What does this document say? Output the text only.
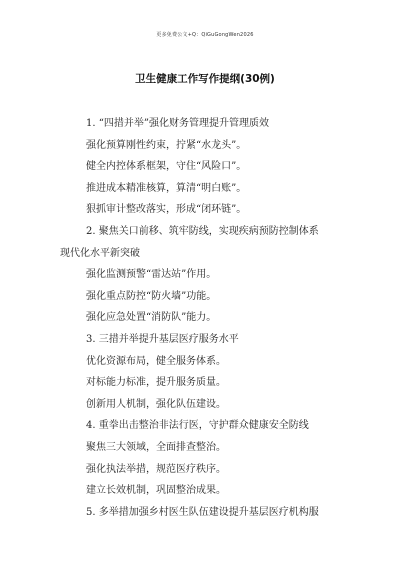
更多免费公文+Q：QiGuGongWen2026
卫生健康工作写作提纲(30例)
1. “四措并举”强化财务管理提升管理质效
强化预算刚性约束，拧紧“水龙头”。
健全内控体系框架，守住“风险口”。
推进成本精准核算，算清“明白账”。
狠抓审计整改落实，形成“闭环链”。
2. 聚焦关口前移、筑牢防线，实现疾病预防控制体系
现代化水平新突破
强化监测预警“雷达站”作用。
强化重点防控“防火墙”功能。
强化应急处置“消防队”能力。
3. 三措并举提升基层医疗服务水平
优化资源布局，健全服务体系。
对标能力标准，提升服务质量。
创新用人机制，强化队伍建设。
4. 重拳出击整治非法行医，守护群众健康安全防线
聚焦三大领域，全面排查整治。
强化执法举措，规范医疗秩序。
建立长效机制，巩固整治成果。
5. 多举措加强乡村医生队伍建设提升基层医疗机构服
